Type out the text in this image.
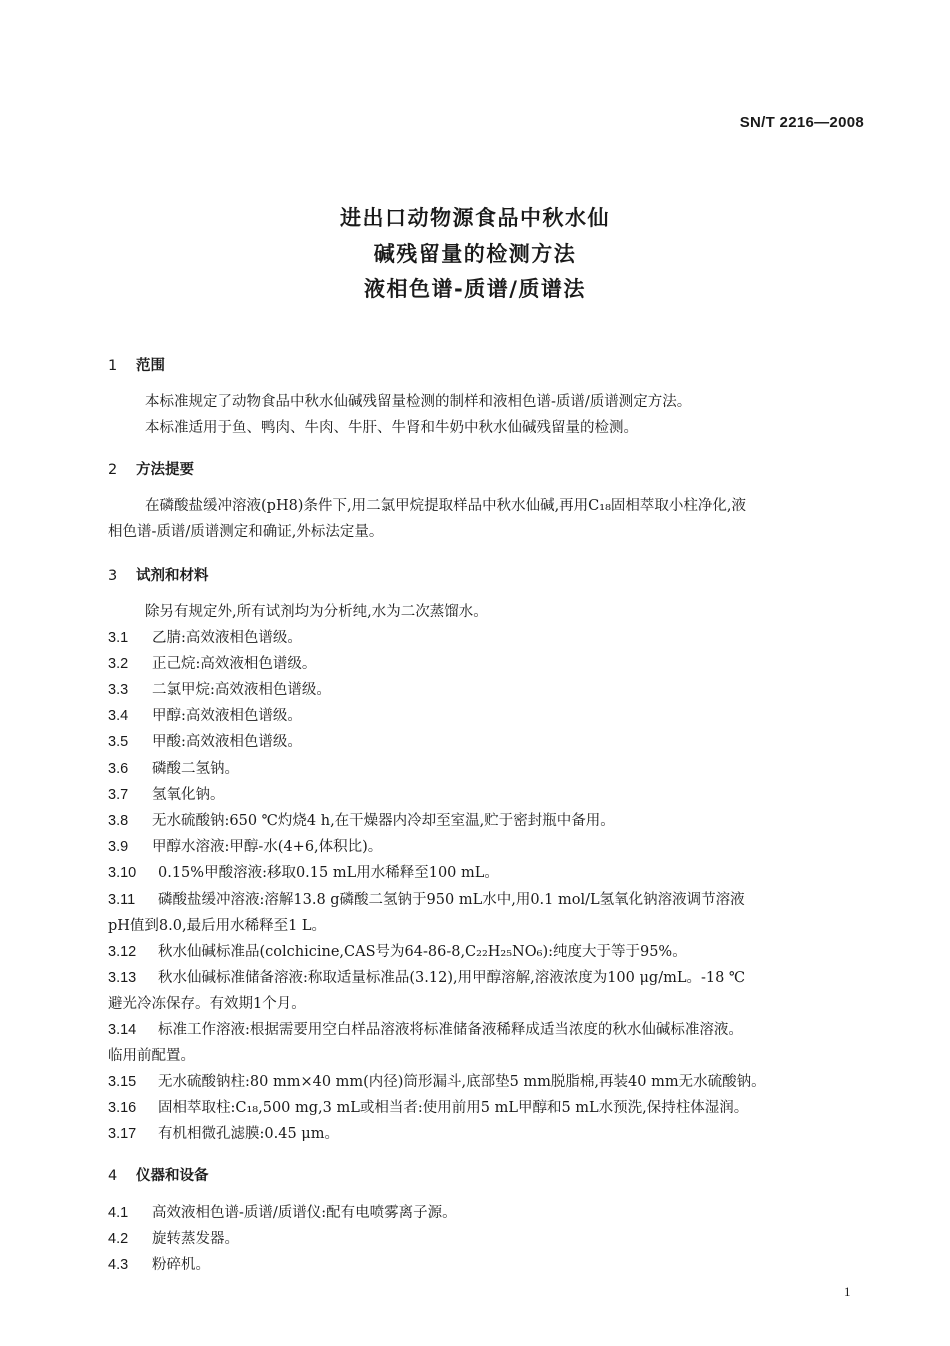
SN/T 2216—2008
进出口动物源食品中秋水仙
碱残留量的检测方法
液相色谱-质谱/质谱法
1 范围
本标准规定了动物食品中秋水仙碱残留量检测的制样和液相色谱-质谱/质谱测定方法。
本标准适用于鱼、鸭肉、牛肉、牛肝、牛肾和牛奶中秋水仙碱残留量的检测。
2 方法提要
在磷酸盐缓冲溶液(pH8)条件下,用二氯甲烷提取样品中秋水仙碱,再用C₁₈固相萃取小柱净化,液
相色谱-质谱/质谱测定和确证,外标法定量。
3 试剂和材料
除另有规定外,所有试剂均为分析纯,水为二次蒸馏水。
3.1 乙腈:高效液相色谱级。
3.2 正己烷:高效液相色谱级。
3.3 二氯甲烷:高效液相色谱级。
3.4 甲醇:高效液相色谱级。
3.5 甲酸:高效液相色谱级。
3.6 磷酸二氢钠。
3.7 氢氧化钠。
3.8 无水硫酸钠:650 ℃灼烧4 h,在干燥器内冷却至室温,贮于密封瓶中备用。
3.9 甲醇水溶液:甲醇-水(4+6,体积比)。
3.10 0.15%甲酸溶液:移取0.15 mL用水稀释至100 mL。
3.11 磷酸盐缓冲溶液:溶解13.8 g磷酸二氢钠于950 mL水中,用0.1 mol/L氢氧化钠溶液调节溶液
pH值到8.0,最后用水稀释至1 L。
3.12 秋水仙碱标准品(colchicine,CAS号为64-86-8,C₂₂H₂₅NO₆):纯度大于等于95%。
3.13 秋水仙碱标准储备溶液:称取适量标准品(3.12),用甲醇溶解,溶液浓度为100 μg/mL。-18 ℃
避光冷冻保存。有效期1个月。
3.14 标准工作溶液:根据需要用空白样品溶液将标准储备液稀释成适当浓度的秋水仙碱标准溶液。
临用前配置。
3.15 无水硫酸钠柱:80 mm×40 mm(内径)筒形漏斗,底部垫5 mm脱脂棉,再装40 mm无水硫酸钠。
3.16 固相萃取柱:C₁₈,500 mg,3 mL或相当者:使用前用5 mL甲醇和5 mL水预洗,保持柱体湿润。
3.17 有机相微孔滤膜:0.45 μm。
4 仪器和设备
4.1 高效液相色谱-质谱/质谱仪:配有电喷雾离子源。
4.2 旋转蒸发器。
4.3 粉碎机。
1
